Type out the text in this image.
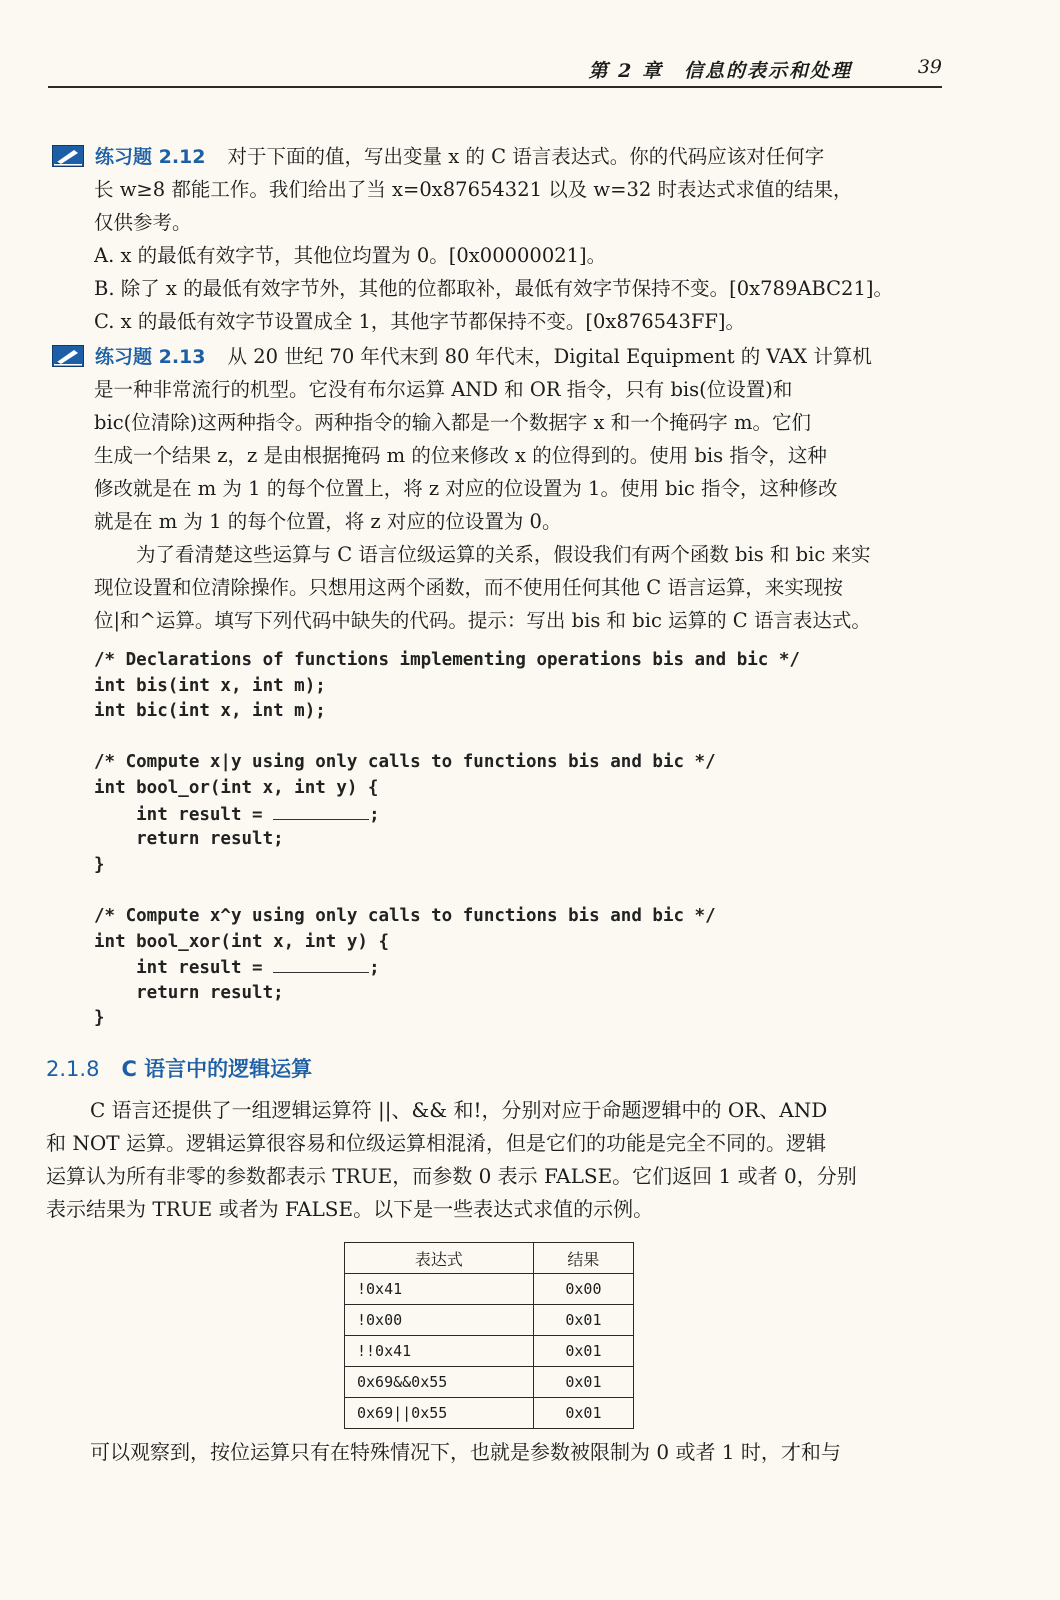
第 2 章　信息的表示和处理	39
练习题 2.12 对于下面的值，写出变量 x 的 C 语言表达式。你的代码应该对任何字
长 w≥8 都能工作。我们给出了当 x=0x87654321 以及 w=32 时表达式求值的结果，
仅供参考。
A. x 的最低有效字节，其他位均置为 0。[0x00000021]。
B. 除了 x 的最低有效字节外，其他的位都取补，最低有效字节保持不变。[0x789ABC21]。
C. x 的最低有效字节设置成全 1，其他字节都保持不变。[0x876543FF]。
练习题 2.13 从 20 世纪 70 年代末到 80 年代末，Digital Equipment 的 VAX 计算机
是一种非常流行的机型。它没有布尔运算 AND 和 OR 指令，只有 bis(位设置)和
bic(位清除)这两种指令。两种指令的输入都是一个数据字 x 和一个掩码字 m。它们
生成一个结果 z，z 是由根据掩码 m 的位来修改 x 的位得到的。使用 bis 指令，这种
修改就是在 m 为 1 的每个位置上，将 z 对应的位设置为 1。使用 bic 指令，这种修改
就是在 m 为 1 的每个位置，将 z 对应的位设置为 0。
为了看清楚这些运算与 C 语言位级运算的关系，假设我们有两个函数 bis 和 bic 来实
现位设置和位清除操作。只想用这两个函数，而不使用任何其他 C 语言运算，来实现按
位|和^运算。填写下列代码中缺失的代码。提示：写出 bis 和 bic 运算的 C 语言表达式。
/* Declarations of functions implementing operations bis and bic */
int bis(int x, int m);
int bic(int x, int m);
/* Compute x|y using only calls to functions bis and bic */
int bool_or(int x, int y) {
int result =	;
return result;
}
/* Compute x^y using only calls to functions bis and bic */
int bool_xor(int x, int y) {
int result =	;
return result;
}
2.1.8 C 语言中的逻辑运算
C 语言还提供了一组逻辑运算符 ||、&& 和!，分别对应于命题逻辑中的 OR、AND
和 NOT 运算。逻辑运算很容易和位级运算相混淆，但是它们的功能是完全不同的。逻辑
运算认为所有非零的参数都表示 TRUE，而参数 0 表示 FALSE。它们返回 1 或者 0，分别
表示结果为 TRUE 或者为 FALSE。以下是一些表达式求值的示例。
表达式	结果
!0x41	0x00
!0x00	0x01
!!0x41	0x01
0x69&&0x55	0x01
0x69||0x55	0x01
可以观察到，按位运算只有在特殊情况下，也就是参数被限制为 0 或者 1 时，才和与
